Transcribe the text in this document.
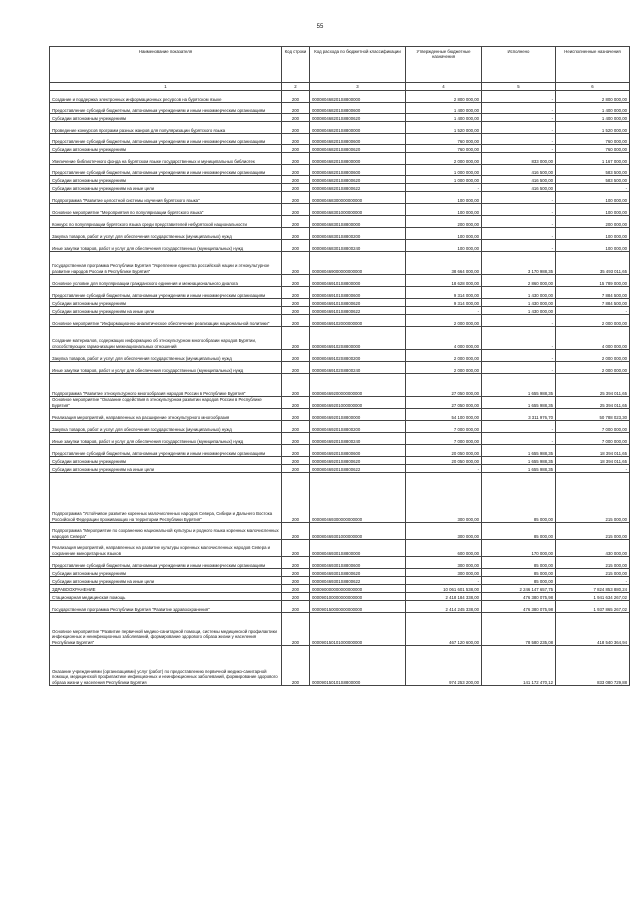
55
Наименование показателя	Код строки	Код расхода по бюджетной классификации	Утвержденные бюджетные назначения	Исполнено	Неисполненные назначения
1	2	3	4	5	6
Создание и поддержка электронных информационных ресурсов на бурятском языке	200	000080468201S8800000	2 800 000,00	-	2 800 000,00
Предоставление субсидий бюджетным, автономным учреждениям и иным некоммерческим организациям	200	000080468201S8800600	1 400 000,00	-	1 400 000,00
Субсидии автономным учреждениям	200	000080468201S8800620	1 400 000,00	-	1 400 000,00
Проведение конкурсов программ разных жанров для популяризации бурятского языка	200	000080468201S8800000	1 520 000,00	-	1 520 000,00
Предоставление субсидий бюджетным, автономным учреждениям и иным некоммерческим организациям	200	000080468201S8800600	760 000,00	-	760 000,00
Субсидии автономным учреждениям	200	000080468201S8800620	760 000,00	-	760 000,00
Увеличение библиотечного фонда на бурятском языке государственных и муниципальных библиотек	200	000080468201S8800000	2 000 000,00	833 000,00	1 167 000,00
Предоставление субсидий бюджетным, автономным учреждениям и иным некоммерческим организациям	200	000080468201S8800600	1 000 000,00	416 500,00	583 500,00
Субсидии автономным учреждениям	200	000080468201S8800620	1 000 000,00	416 500,00	583 500,00
Субсидии автономным учреждениям на иные цели	200	000080468201S8800622	-	416 500,00	-
Подпрограмма "Развитие целостной системы изучения бурятского языка"	200	000080468300000000000	100 000,00	-	100 000,00
Основное мероприятие "Мероприятия по популяризации бурятского языка"	200	000080468301000000000	100 000,00	-	100 000,00
Конкурс по популяризации бурятского языка среди представителей небурятской национальности	200	000080468301S8800000	200 000,00	-	200 000,00
Закупка товаров, работ и услуг для обеспечения государственных (муниципальных) нужд	200	000080468301S8800200	100 000,00	-	100 000,00
Иные закупки товаров, работ и услуг для обеспечения государственных (муниципальных) нужд	200	000080468301S8800240	100 000,00	-	100 000,00
Государственная программа Республики Бурятия "Укрепление единства российской нации и этнокультурное развитие народов России в Республике Бурятия"	200	000080469000000000000	38 664 000,00	3 170 988,35	35 493 011,65
Основное условие для популяризации гражданского единения и межнационального диалога	200	000080469101S8800000	18 628 000,00	2 860 000,00	15 789 000,00
Предоставление субсидий бюджетным, автономным учреждениям и иным некоммерческим организациям	200	000080469101S8800600	9 314 000,00	1 430 000,00	7 884 500,00
Субсидии автономным учреждениям	200	000080469101S8800620	9 314 000,00	1 430 000,00	7 884 500,00
Субсидии автономным учреждениям на иные цели	200	000080469101S8800622	-	1 430 000,00	-
Основное мероприятие "Информационно-аналитическое обеспечение реализации национальной политики"	200	000080469102000000000	2 000 000,00	-	2 000 000,00
Создание материалов, содержащих информацию об этнокультурном многообразии народов Бурятии, способствующих гармонизации межнациональных отношений	200	000080469102S8800000	4 000 000,00	-	4 000 000,00
Закупка товаров, работ и услуг для обеспечения государственных (муниципальных) нужд	200	000080469102S8800200	2 000 000,00	-	2 000 000,00
Иные закупки товаров, работ и услуг для обеспечения государственных (муниципальных) нужд	200	000080469102S8800240	2 000 000,00	-	2 000 000,00
Подпрограмма "Развитие этнокультурного многообразия народов России в Республике Бурятия"	200	000080469200000000000	27 050 000,00	1 655 988,35	25 394 011,65
Основное мероприятие "Оказание содействия в этнокультурном развитии народов России в Республике Бурятия"	200	000080469201000000000	27 050 000,00	1 655 988,35	25 394 011,65
Реализация мероприятий, направленных на расширение этнокультурного многообразия	200	000080469201S8800000	54 100 000,00	3 311 976,70	50 788 023,30
Закупка товаров, работ и услуг для обеспечения государственных (муниципальных) нужд	200	000080469201S8800200	7 000 000,00	-	7 000 000,00
Иные закупки товаров, работ и услуг для обеспечения государственных (муниципальных) нужд	200	000080469201S8800240	7 000 000,00	-	7 000 000,00
Предоставление субсидий бюджетным, автономным учреждениям и иным некоммерческим организациям	200	000080469201S8800600	20 050 000,00	1 655 988,35	18 394 011,65
Субсидии автономным учреждениям	200	000080469201S8800620	20 050 000,00	1 655 988,35	18 394 011,65
Субсидии автономным учреждениям на иные цели	200	000080469201S8800622	-	1 655 988,35	-
Подпрограмма "Устойчивое развитие коренных малочисленных народов Севера, Сибири и Дальнего Востока Российской Федерации проживающих на территории Республики Бурятия"	200	000080469300000000000	300 000,00	85 000,00	215 000,00
Подпрограмма "Мероприятие по сохранению национальной культуры и родного языка коренных малочисленных народов Севера"	200	000080469301000000000	300 000,00	85 000,00	215 000,00
Реализация мероприятий, направленных на развитие культуры коренных малочисленных народов Севера и сохранение миноритарных языков	200	000080469301S8800000	600 000,00	170 000,00	430 000,00
Предоставление субсидий бюджетным, автономным учреждениям и иным некоммерческим организациям	200	000080469301S8800600	300 000,00	85 000,00	215 000,00
Субсидии автономным учреждениям	200	000080469301S8800620	300 000,00	85 000,00	215 000,00
Субсидии автономным учреждениям на иные цели	200	000080469301S8800622	-	85 000,00	-
ЗДРАВООХРАНЕНИЕ	200	000090000000000000000	10 061 601 538,00	2 246 147 657,75	7 824 853 880,24
Стационарная медицинская помощь	200	000090100000000000000	2 418 184 338,00	476 380 075,98	1 941 634 267,02
Государственная программа Республики Бурятия "Развитие здравоохранения"	200	000090150000000000000	2 414 245 338,00	476 380 075,98	1 937 865 267,02
Основное мероприятие "Развитие первичной медико-санитарной помощи, системы медицинской профилактики инфекционных и неинфекционных заболеваний, формирование здорового образа жизни у населения Республики Бурятия"	200	000090150101000000000	467 120 600,00	78 580 235,08	418 540 364,94
Оказание учреждениями (организациями) услуг (работ) по предоставлению первичной медико-санитарной помощи, медицинской профилактике инфекционных и неинфекционных заболеваний, формирование здорового образа жизни у населения Республики Бурятия	200	000090150101S8800000	974 253 200,00	141 172 470,12	833 080 729,88
